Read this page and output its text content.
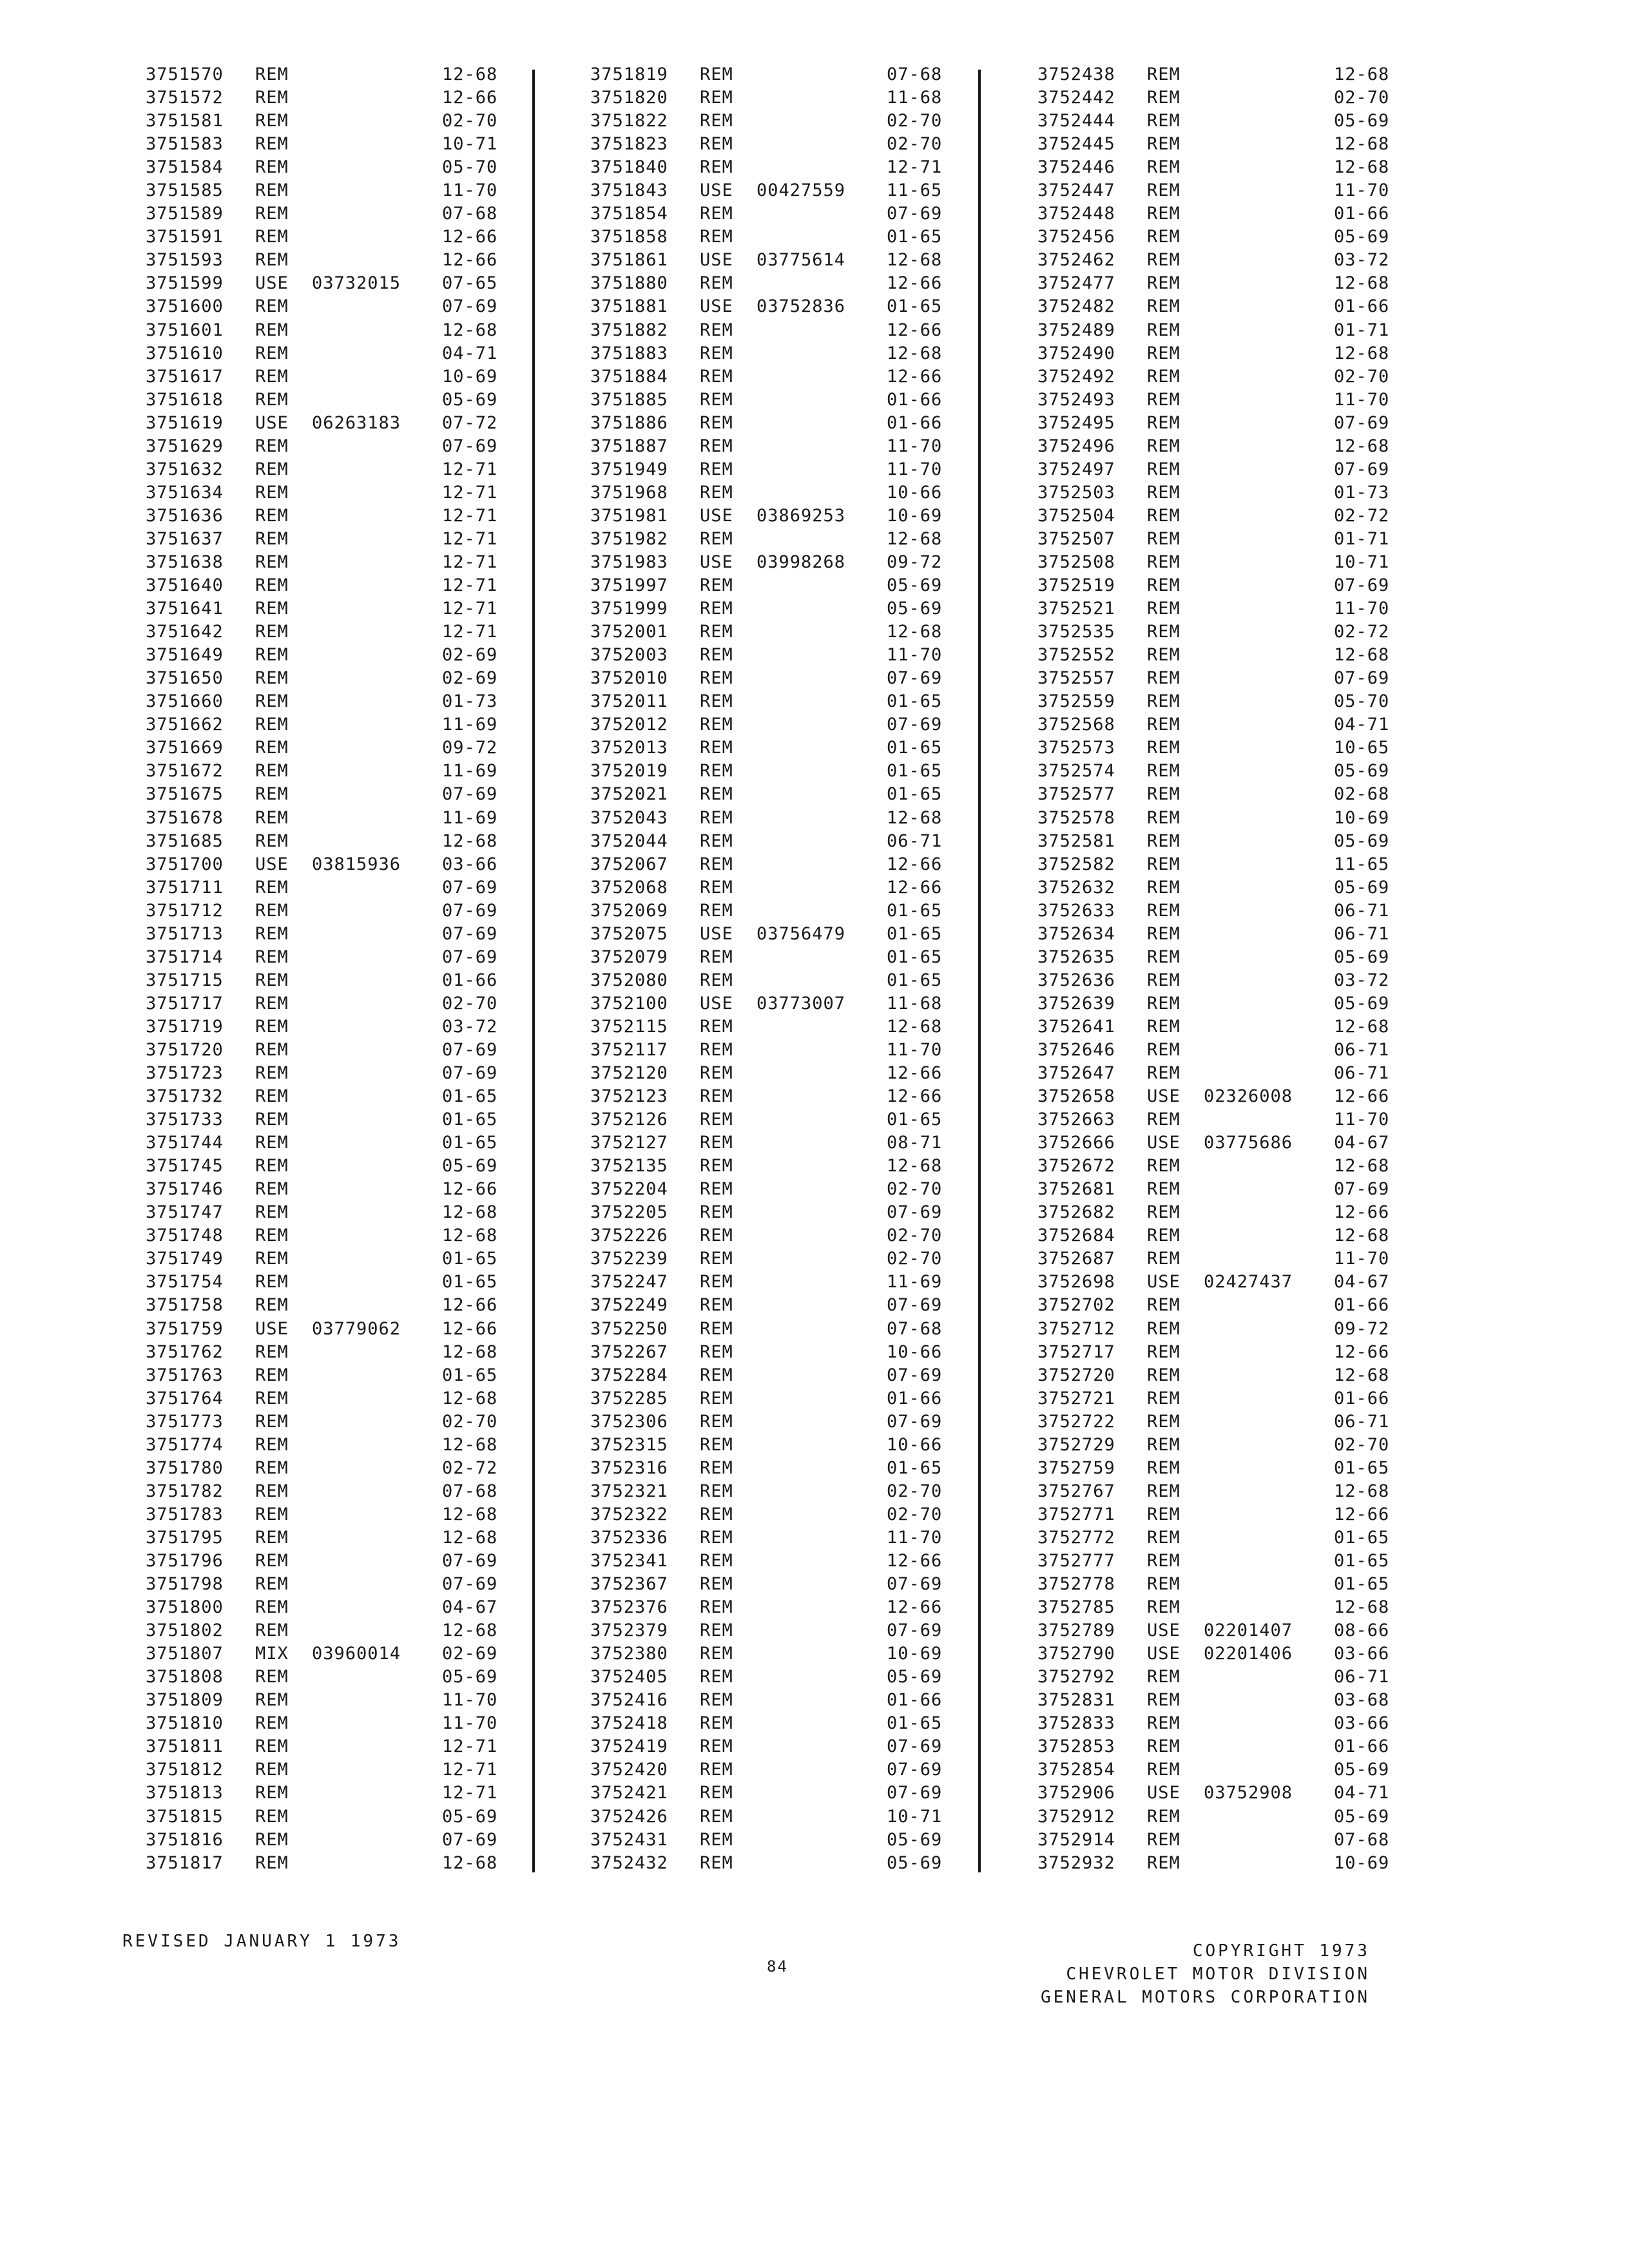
3751570 REM	12-68
3751572 REM	12-66
3751581 REM	02-70
3751583 REM	10-71
3751584 REM	05-70
3751585 REM	11-70
3751589 REM	07-68
3751591 REM	12-66
3751593 REM	12-66
3751599 USE 03732015 07-65
3751600 REM	07-69
3751601 REM	12-68
3751610 REM	04-71
3751617 REM	10-69
3751618 REM	05-69
3751619 USE 06263183 07-72
3751629 REM	07-69
3751632 REM	12-71
3751634 REM	12-71
3751636 REM	12-71
3751637 REM	12-71
3751638 REM	12-71
3751640 REM	12-71
3751641 REM	12-71
3751642 REM	12-71
3751649 REM	02-69
3751650 REM	02-69
3751660 REM	01-73
3751662 REM	11-69
3751669 REM	09-72
3751672 REM	11-69
3751675 REM	07-69
3751678 REM	11-69
3751685 REM	12-68
3751700 USE 03815936 03-66
3751711 REM	07-69
3751712 REM	07-69
3751713 REM	07-69
3751714 REM	07-69
3751715 REM	01-66
3751717 REM	02-70
3751719 REM	03-72
3751720 REM	07-69
3751723 REM	07-69
3751732 REM	01-65
3751733 REM	01-65
3751744 REM	01-65
3751745 REM	05-69
3751746 REM	12-66
3751747 REM	12-68
3751748 REM	12-68
3751749 REM	01-65
3751754 REM	01-65
3751758 REM	12-66
3751759 USE 03779062 12-66
3751762 REM	12-68
3751763 REM	01-65
3751764 REM	12-68
3751773 REM	02-70
3751774 REM	12-68
3751780 REM	02-72
3751782 REM	07-68
3751783 REM	12-68
3751795 REM	12-68
3751796 REM	07-69
3751798 REM	07-69
3751800 REM	04-67
3751802 REM	12-68
3751807 MIX 03960014 02-69
3751808 REM	05-69
3751809 REM	11-70
3751810 REM	11-70
3751811 REM	12-71
3751812 REM	12-71
3751813 REM	12-71
3751815 REM	05-69
3751816 REM	07-69
3751817 REM	12-68
3751819 REM	07-68
3751820 REM	11-68
3751822 REM	02-70
3751823 REM	02-70
3751840 REM	12-71
3751843 USE 00427559 11-65
3751854 REM	07-69
3751858 REM	01-65
3751861 USE 03775614 12-68
3751880 REM	12-66
3751881 USE 03752836 01-65
3751882 REM	12-66
3751883 REM	12-68
3751884 REM	12-66
3751885 REM	01-66
3751886 REM	01-66
3751887 REM	11-70
3751949 REM	11-70
3751968 REM	10-66
3751981 USE 03869253 10-69
3751982 REM	12-68
3751983 USE 03998268 09-72
3751997 REM	05-69
3751999 REM	05-69
3752001 REM	12-68
3752003 REM	11-70
3752010 REM	07-69
3752011 REM	01-65
3752012 REM	07-69
3752013 REM	01-65
3752019 REM	01-65
3752021 REM	01-65
3752043 REM	12-68
3752044 REM	06-71
3752067 REM	12-66
3752068 REM	12-66
3752069 REM	01-65
3752075 USE 03756479 01-65
3752079 REM	01-65
3752080 REM	01-65
3752100 USE 03773007 11-68
3752115 REM	12-68
3752117 REM	11-70
3752120 REM	12-66
3752123 REM	12-66
3752126 REM	01-65
3752127 REM	08-71
3752135 REM	12-68
3752204 REM	02-70
3752205 REM	07-69
3752226 REM	02-70
3752239 REM	02-70
3752247 REM	11-69
3752249 REM	07-69
3752250 REM	07-68
3752267 REM	10-66
3752284 REM	07-69
3752285 REM	01-66
3752306 REM	07-69
3752315 REM	10-66
3752316 REM	01-65
3752321 REM	02-70
3752322 REM	02-70
3752336 REM	11-70
3752341 REM	12-66
3752367 REM	07-69
3752376 REM	12-66
3752379 REM	07-69
3752380 REM	10-69
3752405 REM	05-69
3752416 REM	01-66
3752418 REM	01-65
3752419 REM	07-69
3752420 REM	07-69
3752421 REM	07-69
3752426 REM	10-71
3752431 REM	05-69
3752432 REM	05-69
3752438 REM	12-68
3752442 REM	02-70
3752444 REM	05-69
3752445 REM	12-68
3752446 REM	12-68
3752447 REM	11-70
3752448 REM	01-66
3752456 REM	05-69
3752462 REM	03-72
3752477 REM	12-68
3752482 REM	01-66
3752489 REM	01-71
3752490 REM	12-68
3752492 REM	02-70
3752493 REM	11-70
3752495 REM	07-69
3752496 REM	12-68
3752497 REM	07-69
3752503 REM	01-73
3752504 REM	02-72
3752507 REM	01-71
3752508 REM	10-71
3752519 REM	07-69
3752521 REM	11-70
3752535 REM	02-72
3752552 REM	12-68
3752557 REM	07-69
3752559 REM	05-70
3752568 REM	04-71
3752573 REM	10-65
3752574 REM	05-69
3752577 REM	02-68
3752578 REM	10-69
3752581 REM	05-69
3752582 REM	11-65
3752632 REM	05-69
3752633 REM	06-71
3752634 REM	06-71
3752635 REM	05-69
3752636 REM	03-72
3752639 REM	05-69
3752641 REM	12-68
3752646 REM	06-71
3752647 REM	06-71
3752658 USE 02326008 12-66
3752663 REM	11-70
3752666 USE 03775686 04-67
3752672 REM	12-68
3752681 REM	07-69
3752682 REM	12-66
3752684 REM	12-68
3752687 REM	11-70
3752698 USE 02427437 04-67
3752702 REM	01-66
3752712 REM	09-72
3752717 REM	12-66
3752720 REM	12-68
3752721 REM	01-66
3752722 REM	06-71
3752729 REM	02-70
3752759 REM	01-65
3752767 REM	12-68
3752771 REM	12-66
3752772 REM	01-65
3752777 REM	01-65
3752778 REM	01-65
3752785 REM	12-68
3752789 USE 02201407 08-66
3752790 USE 02201406 03-66
3752792 REM	06-71
3752831 REM	03-68
3752833 REM	03-66
3752853 REM	01-66
3752854 REM	05-69
3752906 USE 03752908 04-71
3752912 REM	05-69
3752914 REM	07-68
3752932 REM	10-69
REVISED JANUARY 1 1973
84
COPYRIGHT 1973
CHEVROLET MOTOR DIVISION
GENERAL MOTORS CORPORATION
